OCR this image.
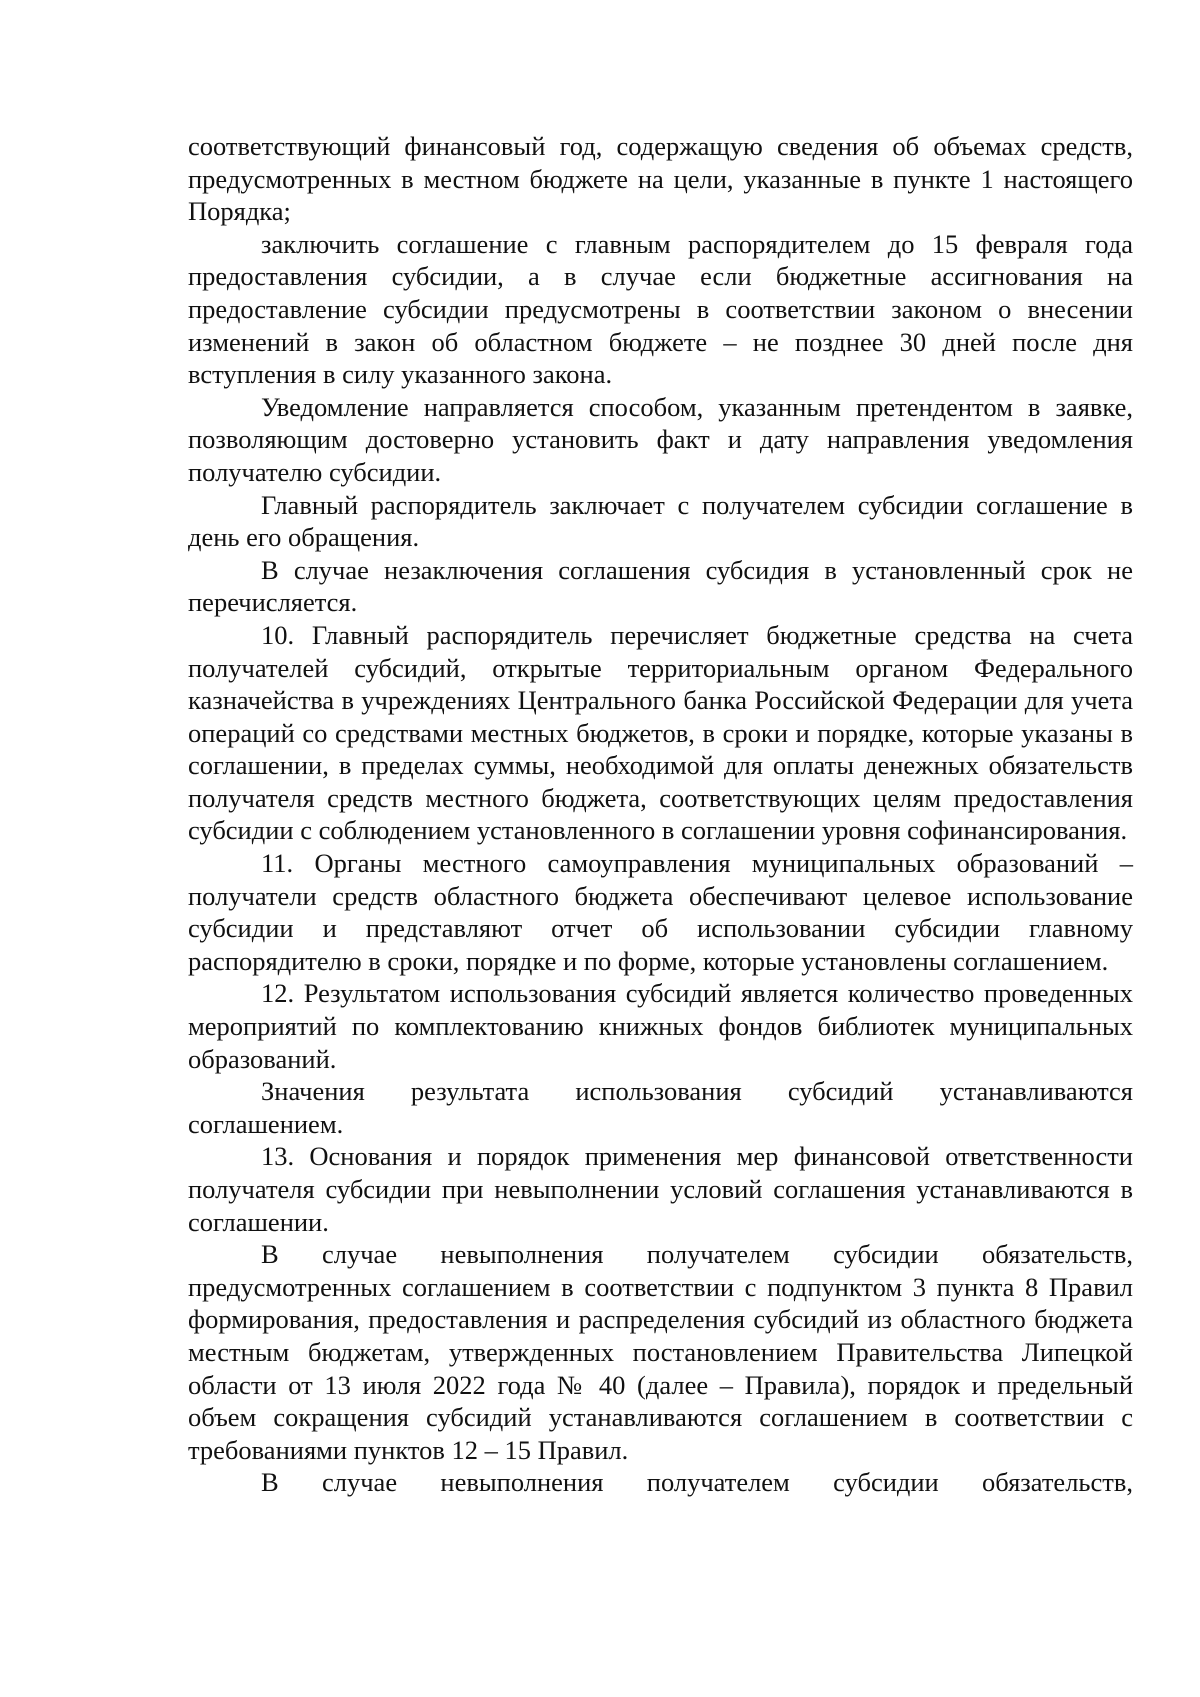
соответствующий финансовый год, содержащую сведения об объемах средств, предусмотренных в местном бюджете на цели, указанные в пункте 1 настоящего Порядка;

заключить соглашение с главным распорядителем до 15 февраля года предоставления субсидии, а в случае если бюджетные ассигнования на предоставление субсидии предусмотрены в соответствии законом о внесении изменений в закон об областном бюджете – не позднее 30 дней после дня вступления в силу указанного закона.

Уведомление направляется способом, указанным претендентом в заявке, позволяющим достоверно установить факт и дату направления уведомления получателю субсидии.

Главный распорядитель заключает с получателем субсидии соглашение в день его обращения.

В случае незаключения соглашения субсидия в установленный срок не перечисляется.

10. Главный распорядитель перечисляет бюджетные средства на счета получателей субсидий, открытые территориальным органом Федерального казначейства в учреждениях Центрального банка Российской Федерации для учета операций со средствами местных бюджетов, в сроки и порядке, которые указаны в соглашении, в пределах суммы, необходимой для оплаты денежных обязательств получателя средств местного бюджета, соответствующих целям предоставления субсидии с соблюдением установленного в соглашении уровня софинансирования.

11. Органы местного самоуправления муниципальных образований –получатели средств областного бюджета обеспечивают целевое использование субсидии и представляют отчет об использовании субсидии главному распорядителю в сроки, порядке и по форме, которые установлены соглашением.

12. Результатом использования субсидий является количество проведенных мероприятий по комплектованию книжных фондов библиотек муниципальных образований.

Значения результата использования субсидий устанавливаются соглашением.

13. Основания и порядок применения мер финансовой ответственности получателя субсидии при невыполнении условий соглашения устанавливаются в соглашении.

В случае невыполнения получателем субсидии обязательств, предусмотренных соглашением в соответствии с подпунктом 3 пункта 8 Правил формирования, предоставления и распределения субсидий из областного бюджета местным бюджетам, утвержденных постановлением Правительства Липецкой области от 13 июля 2022 года № 40 (далее – Правила), порядок и предельный объем сокращения субсидий устанавливаются соглашением в соответствии с требованиями пунктов 12 – 15 Правил.

В случае невыполнения получателем субсидии обязательств,
